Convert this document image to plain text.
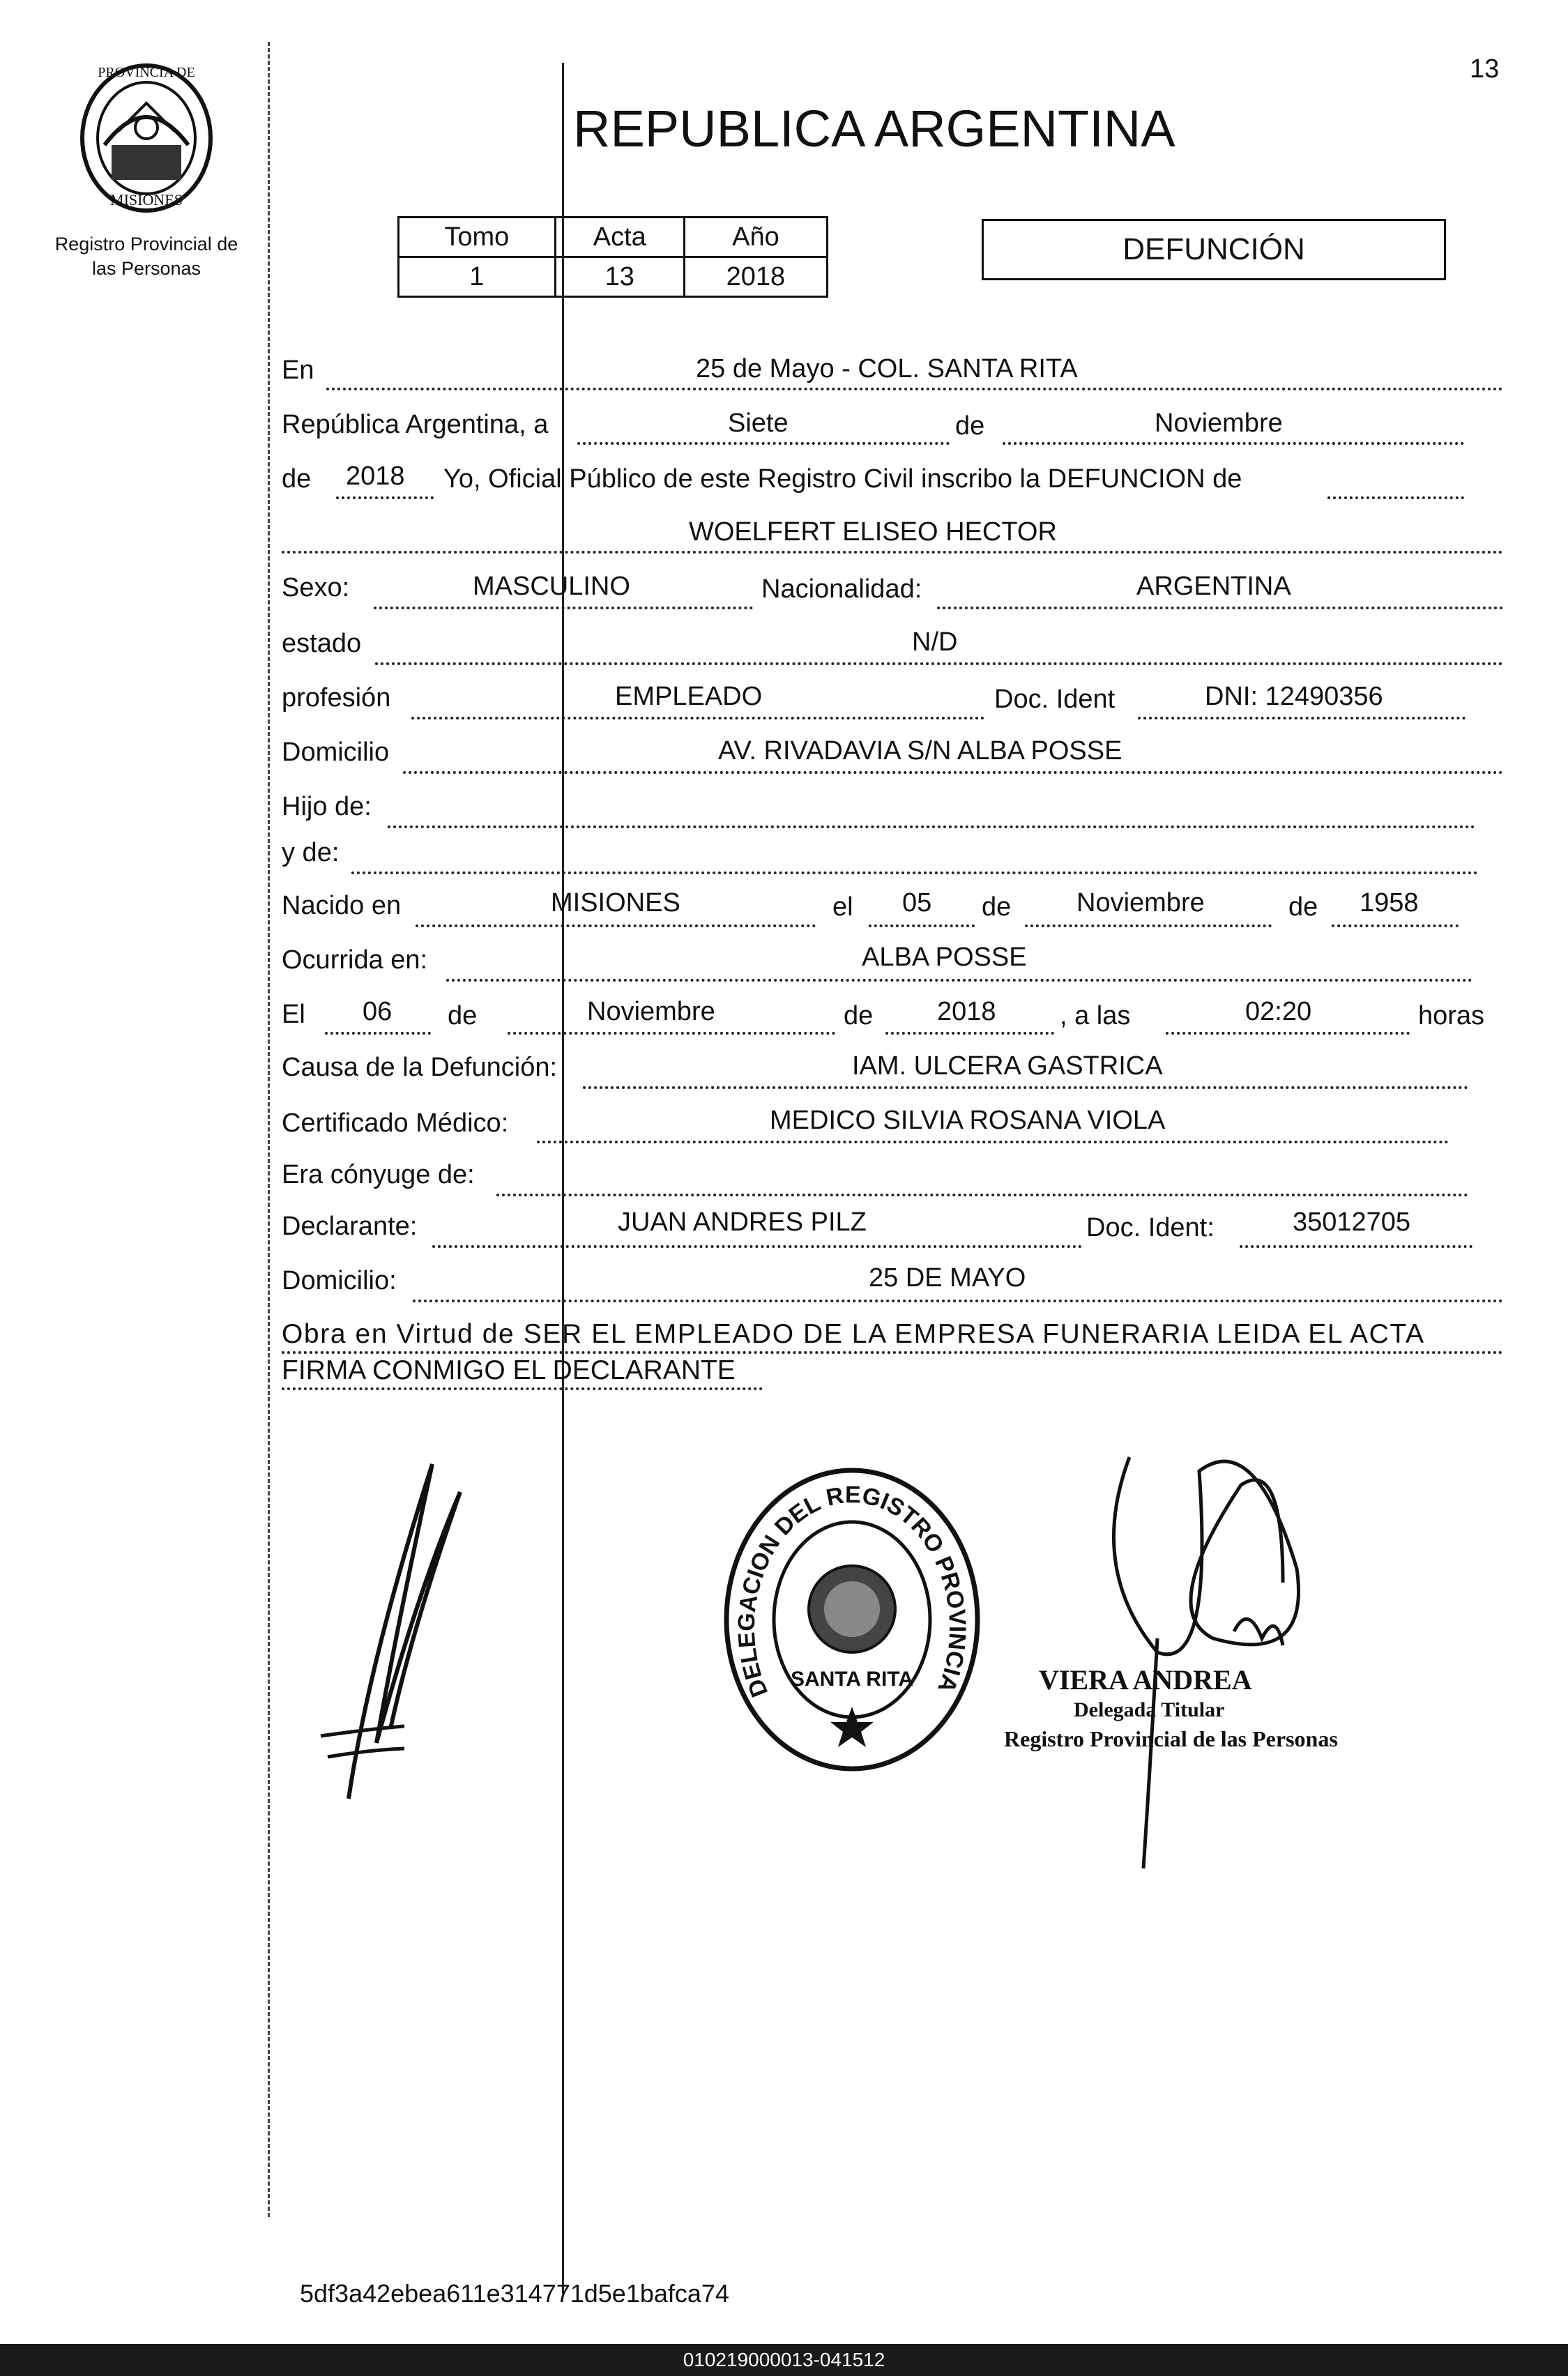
13
PROVINCIA DE
MISIONES
Registro Provincial de
las Personas
REPUBLICA ARGENTINA
Tomo	Acta	Año
1	13	2018
DEFUNCIÓN
En	25 de Mayo - COL. SANTA RITA
República Argentina, a	Siete	de	Noviembre
de 2018 Yo, Oficial Público de este Registro Civil inscribo la DEFUNCION de
WOELFERT ELISEO HECTOR
Sexo:	MASCULINO	Nacionalidad:	ARGENTINA
estado	N/D
profesión	EMPLEADO	Doc. Ident	DNI: 12490356
Domicilio	AV. RIVADAVIA S/N ALBA POSSE
Hijo de:
y de:
Nacido en	MISIONES	el 05 de Noviembre	de 1958
Ocurrida en:	ALBA POSSE
El 06 de	Noviembre	de 2018 , a las	02:20	horas
Causa de la Defunción:	IAM. ULCERA GASTRICA
Certificado Médico:	MEDICO SILVIA ROSANA VIOLA
Era cónyuge de:
Declarante:	JUAN ANDRES PILZ	Doc. Ident:	35012705
Domicilio:	25 DE MAYO
Obra en Virtud de SER EL EMPLEADO DE LA EMPRESA FUNERARIA LEIDA EL ACTA
FIRMA CONMIGO EL DECLARANTE
DELEGACION DEL REGISTRO PROVINCIA
SANTA RITA	VIERA ANDREA
Delegada Titular
Registro Provincial de las Personas
5df3a42ebea611e314771d5e1bafca74
010219000013-041512
